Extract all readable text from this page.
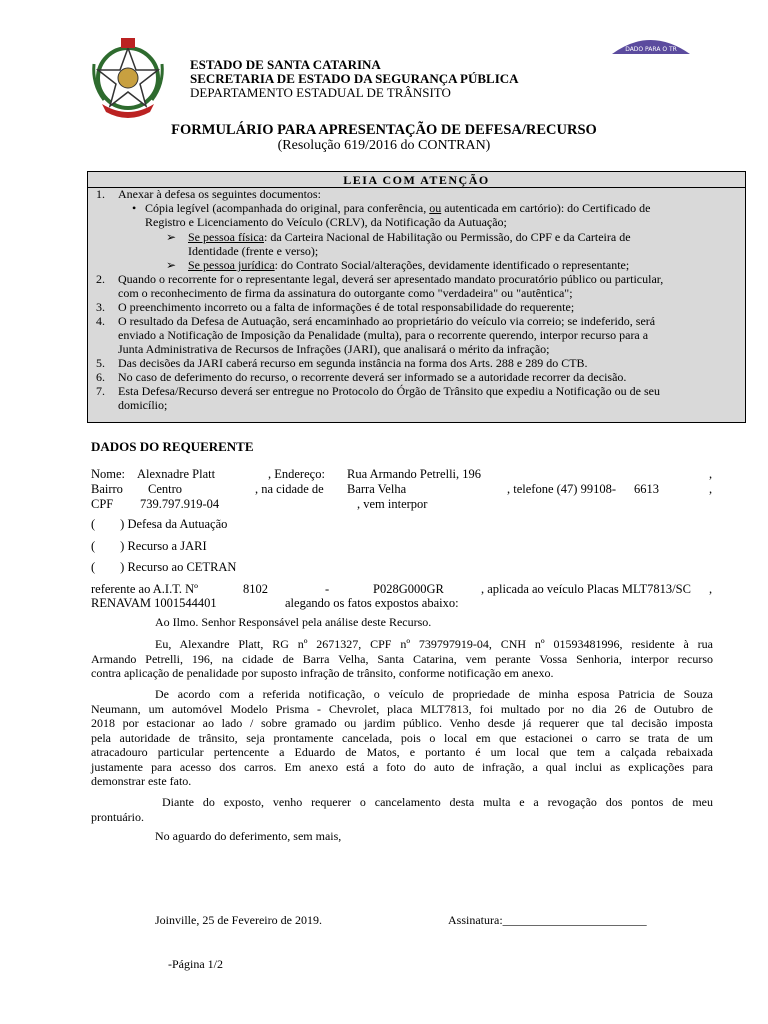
DADO PARA O TR
ESTADO DE SANTA CATARINA
SECRETARIA DE ESTADO DA SEGURANÇA PÚBLICA
DEPARTAMENTO ESTADUAL DE TRÂNSITO
FORMULÁRIO PARA APRESENTAÇÃO DE DEFESA/RECURSO
(Resolução 619/2016 do CONTRAN)
LEIA COM ATENÇÃO
1. Anexar à defesa os seguintes documentos:
• Cópia legível (acompanhada do original, para conferência, ou autenticada em cartório): do Certificado de
Registro e Licenciamento do Veículo (CRLV), da Notificação da Autuação;
➢ Se pessoa física: da Carteira Nacional de Habilitação ou Permissão, do CPF e da Carteira de
Identidade (frente e verso);
➢ Se pessoa jurídica: do Contrato Social/alterações, devidamente identificado o representante;
2. Quando o recorrente for o representante legal, deverá ser apresentado mandato procuratório público ou particular,
com o reconhecimento de firma da assinatura do outorgante como "verdadeira" ou "autêntica";
3. O preenchimento incorreto ou a falta de informações é de total responsabilidade do requerente;
4. O resultado da Defesa de Autuação, será encaminhado ao proprietário do veículo via correio; se indeferido, será
enviado a Notificação de Imposição da Penalidade (multa), para o recorrente querendo, interpor recurso para a
Junta Administrativa de Recursos de Infrações (JARI), que analisará o mérito da infração;
5. Das decisões da JARI caberá recurso em segunda instância na forma dos Arts. 288 e 289 do CTB.
6. No caso de deferimento do recurso, o recorrente deverá ser informado se a autoridade recorrer da decisão.
7. Esta Defesa/Recurso deverá ser entregue no Protocolo do Órgão de Trânsito que expediu a Notificação ou de seu
domicílio;
DADOS DO REQUERENTE
Nome: Alexnadre Platt	, Endereço: Rua Armando Petrelli, 196	,
Bairro Centro	, na cidade de Barra Velha	, telefone (47) 99108- 6613	,
CPF 739.797.919-04	, vem interpor
(        ) Defesa da Autuação
(        ) Recurso a JARI
(        ) Recurso ao CETRAN
referente ao A.I.T. Nº	8102	-	P028G000GR	, aplicada ao veículo Placas MLT7813/SC ,
RENAVAM 1001544401	alegando os fatos expostos abaixo:
Ao Ilmo. Senhor Responsável pela análise deste Recurso.
Eu, Alexandre Platt, RG nº 2671327, CPF nº 739797919-04, CNH nº 01593481996, residente à rua
Armando Petrelli, 196, na cidade de Barra Velha, Santa Catarina, vem perante Vossa Senhoria, interpor recurso
contra aplicação de penalidade por suposto infração de trânsito, conforme notificação em anexo.
De acordo com a referida notificação, o veículo de propriedade de minha esposa Patricia de Souza
Neumann, um automóvel Modelo Prisma - Chevrolet, placa MLT7813, foi multado por no dia 26 de Outubro de
2018 por estacionar ao lado / sobre gramado ou jardim público. Venho desde já requerer que tal decisão imposta
pela autoridade de trânsito, seja prontamente cancelada, pois o local em que estacionei o carro se trata de um
atracadouro particular pertencente a Eduardo de Matos, e portanto é um local que tem a calçada rebaixada
justamente para acesso dos carros. Em anexo está a foto do auto de infração, a qual inclui as explicações para
demonstrar este fato.
Diante do exposto, venho requerer o cancelamento desta multa e a revogação dos pontos de meu
prontuário.
No aguardo do deferimento, sem mais,
Joinville, 25 de Fevereiro de 2019.	Assinatura:________________________
-Página 1/2
